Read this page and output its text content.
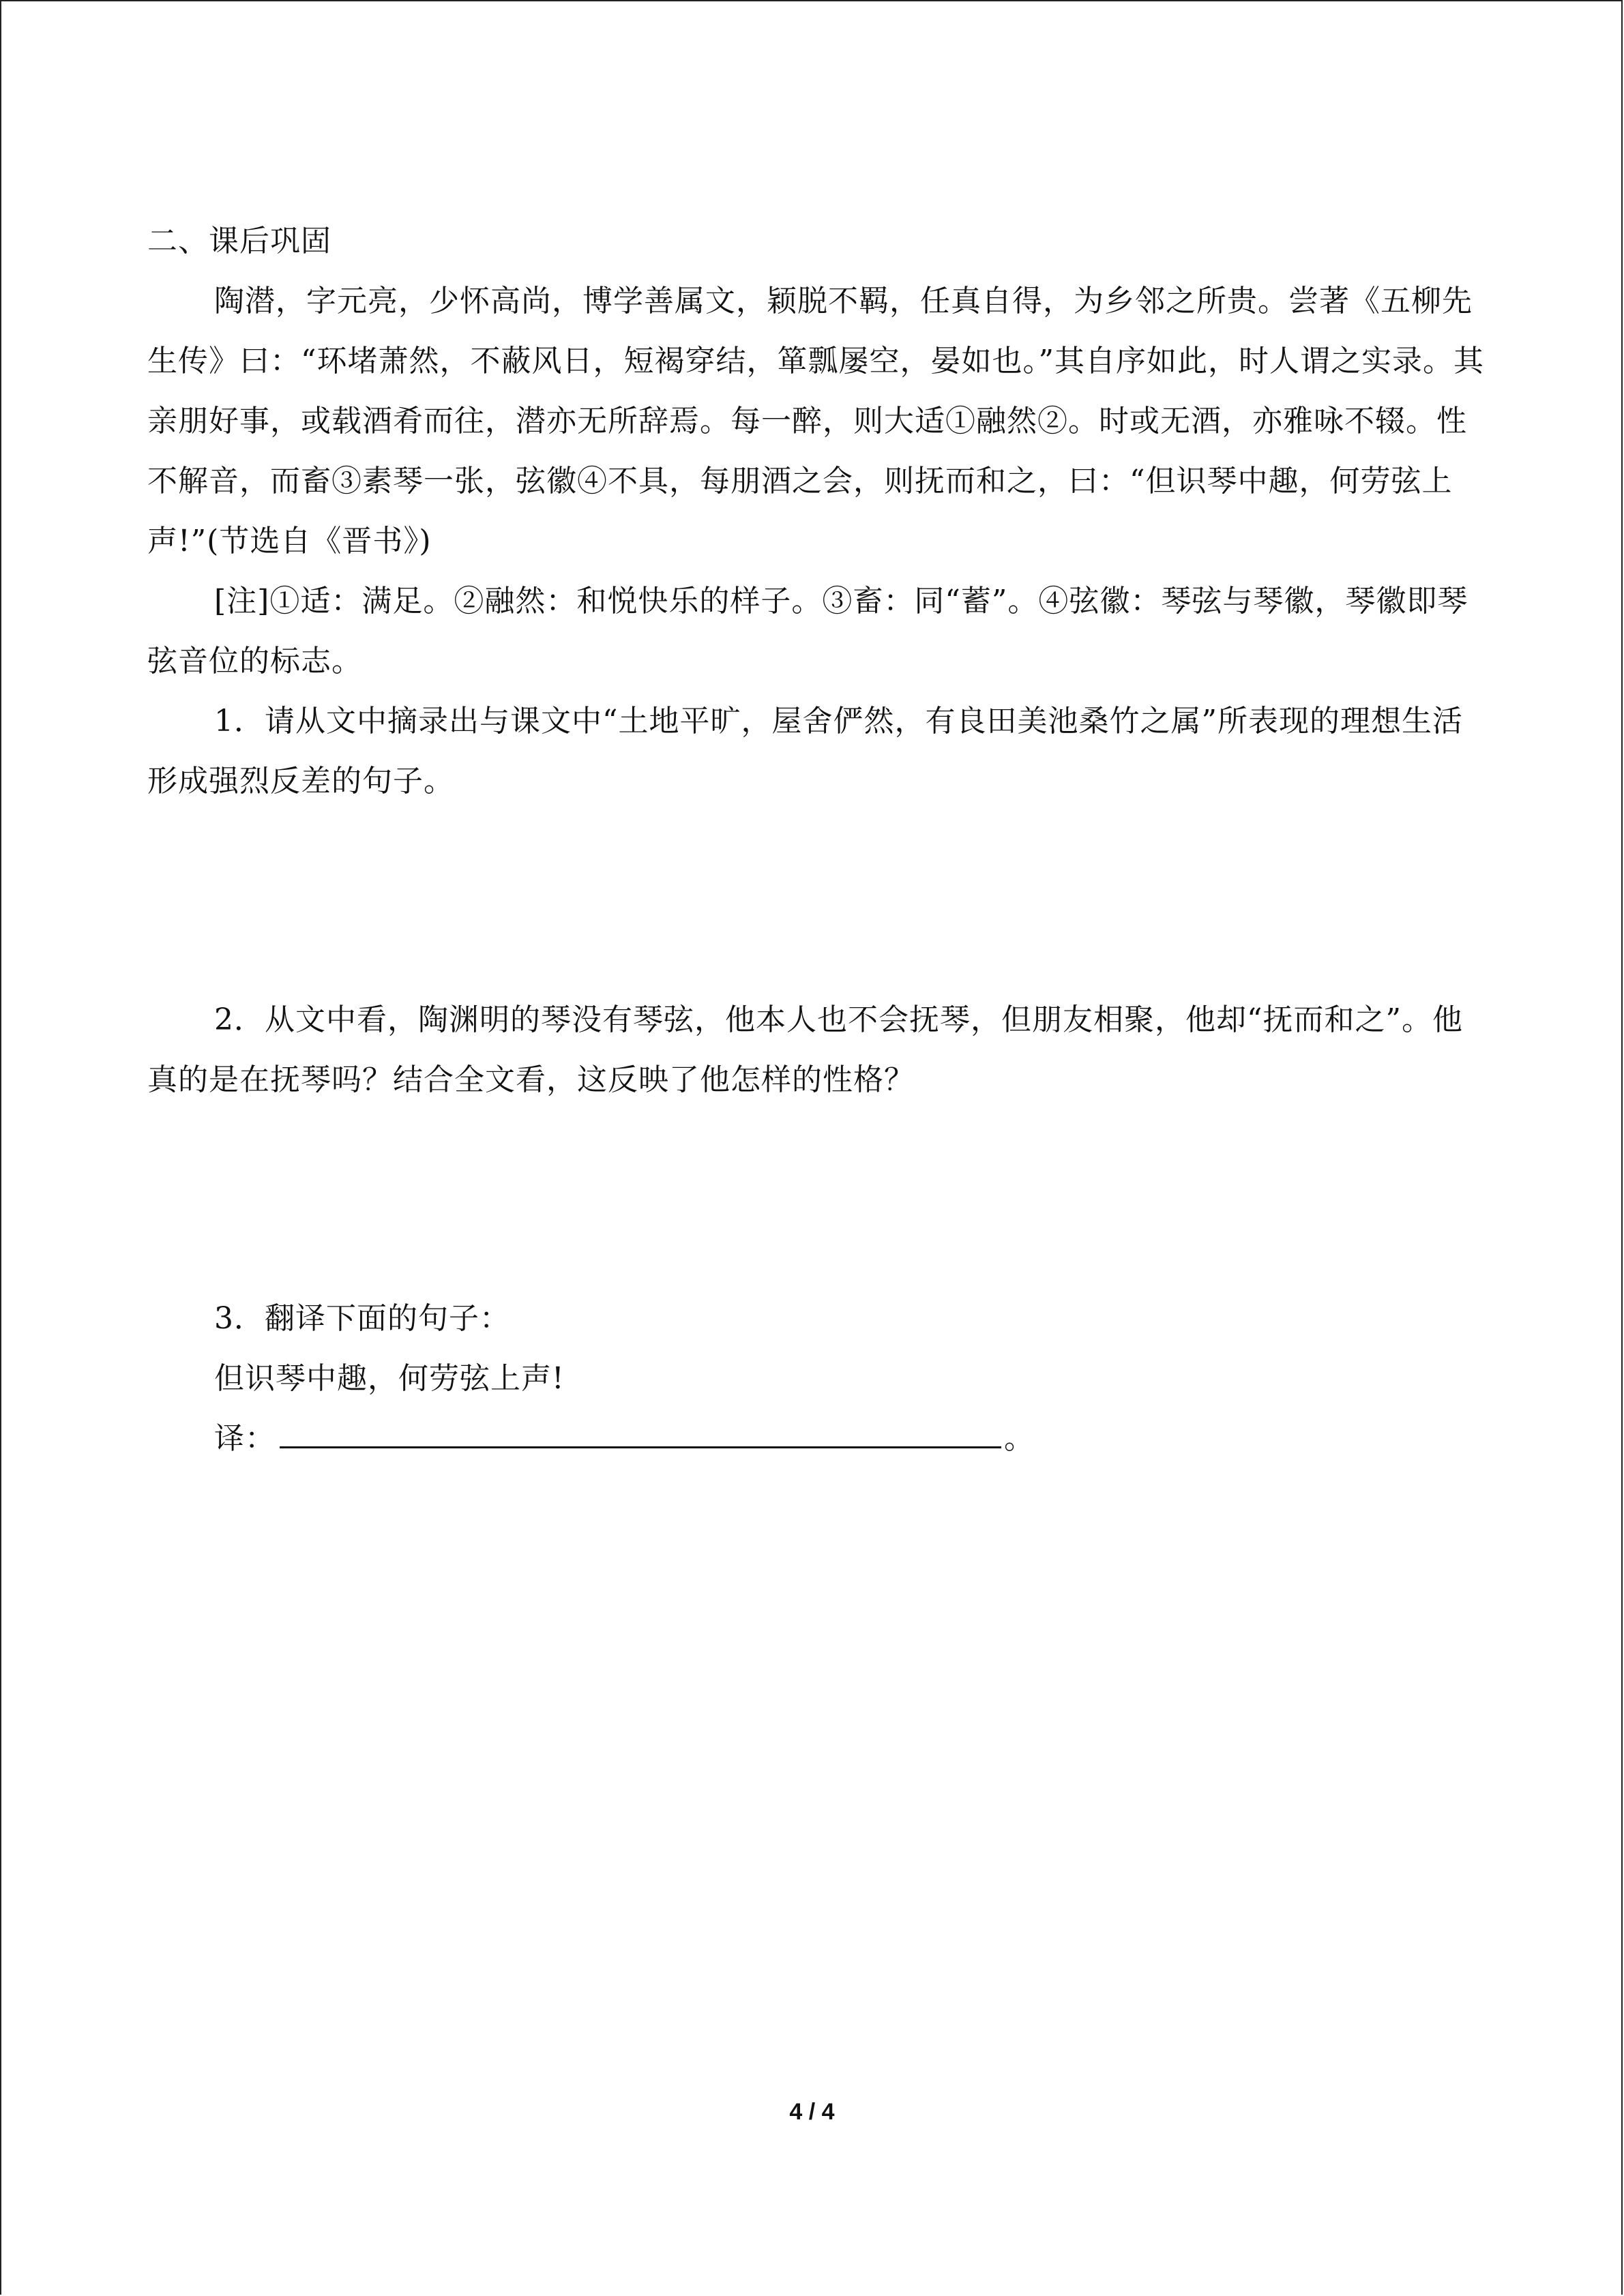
二、课后巩固

陶潜，字元亮，少怀高尚，博学善属文，颖脱不羁，任真自得，为乡邻之所贵。尝著《五柳先生传》曰：“环堵萧然，不蔽风日，短褐穿结，箪瓢屡空，晏如也。”其自序如此，时人谓之实录。其亲朋好事，或载酒肴而往，潜亦无所辞焉。每一醉，则大适①融然②。时或无酒，亦雅咏不辍。性不解音，而畜③素琴一张，弦徽④不具，每朋酒之会，则抚而和之，曰：“但识琴中趣，何劳弦上声!”(节选自《晋书》)

[注]①适：满足。②融然：和悦快乐的样子。③畜：同“蓄”。④弦徽：琴弦与琴徽，琴徽即琴弦音位的标志。

1．请从文中摘录出与课文中“土地平旷，屋舍俨然，有良田美池桑竹之属”所表现的理想生活形成强烈反差的句子。

2．从文中看，陶渊明的琴没有琴弦，他本人也不会抚琴，但朋友相聚，他却“抚而和之”。他真的是在抚琴吗？结合全文看，这反映了他怎样的性格？

3．翻译下面的句子：

但识琴中趣，何劳弦上声!

译：	。
4 / 4
